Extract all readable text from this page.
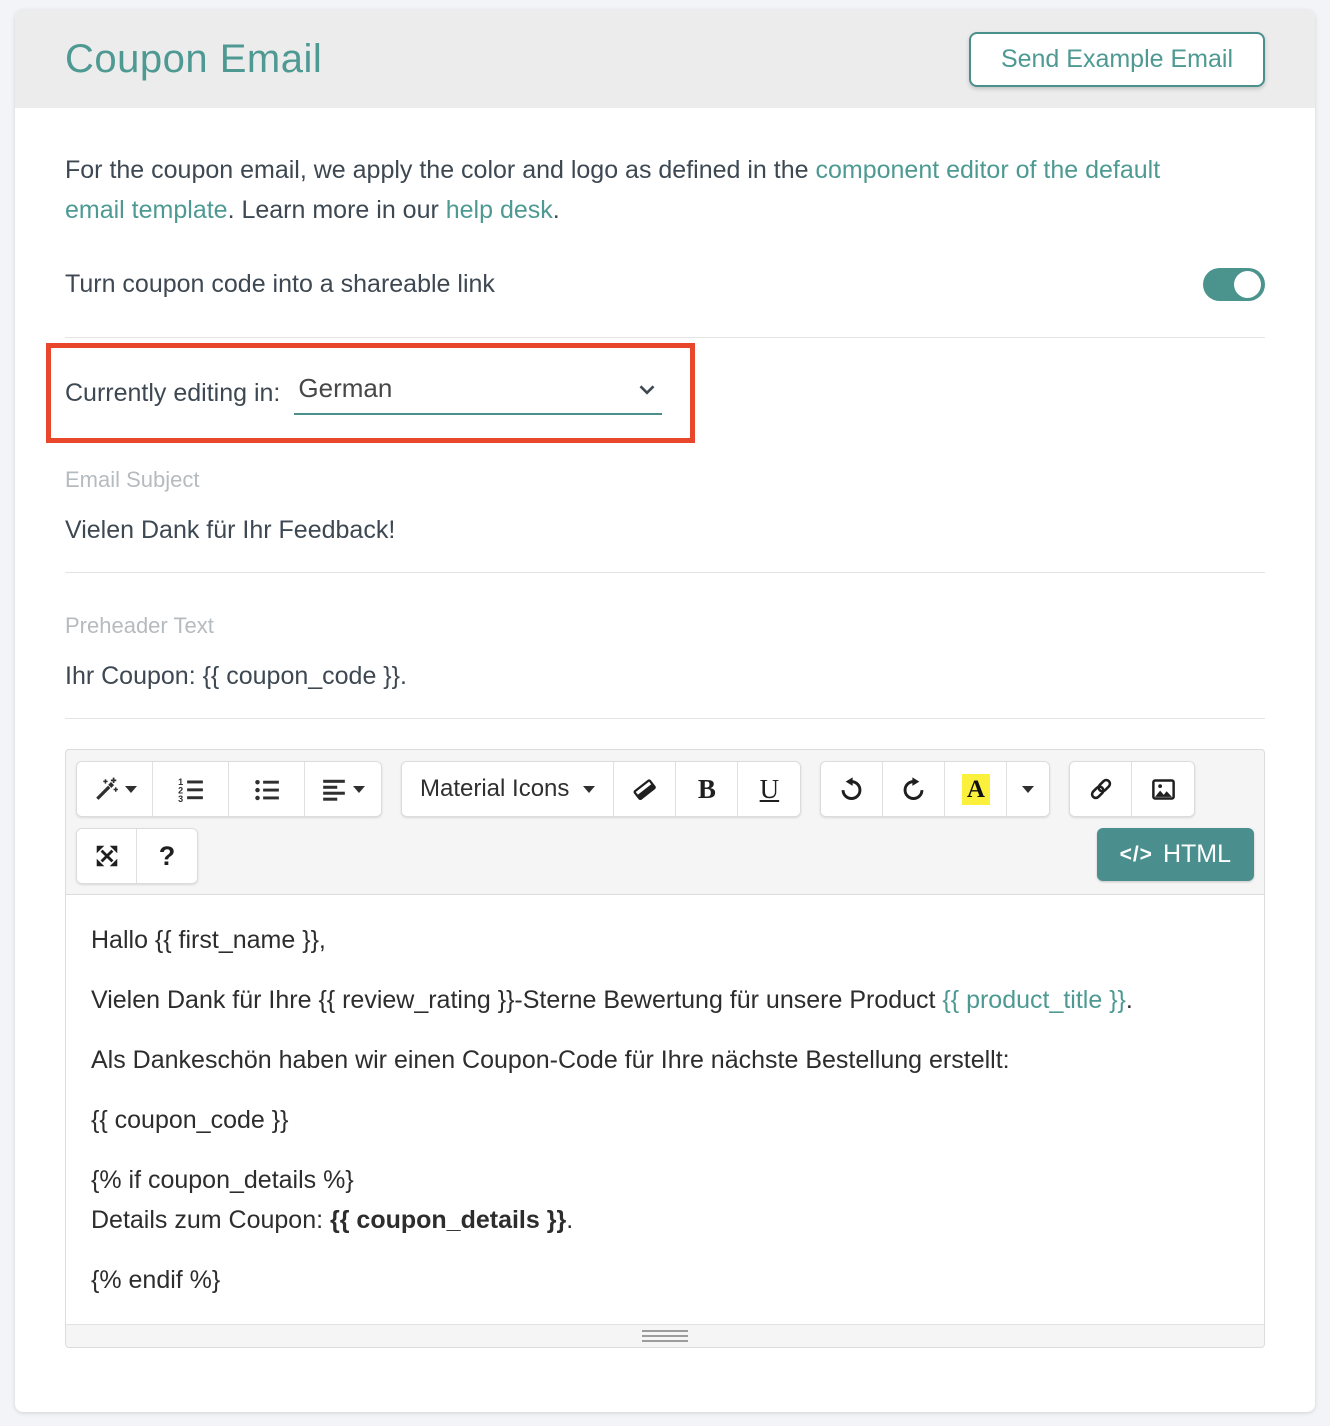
Coupon Email	Send Example Email
For the coupon email, we apply the color and logo as defined in the component editor of the default email template. Learn more in our help desk.
Turn coupon code into a shareable link
Currently editing in: German
Email Subject
Vielen Dank für Ihr Feedback!
Preheader Text
Ihr Coupon: {{ coupon_code }}.
1
2
3	Material Icons	B U	A
?	</> HTML

Hallo {{ first_name }},

Vielen Dank für Ihre {{ review_rating }}-Sterne Bewertung für unsere Product {{ product_title }}.

Als Dankeschön haben wir einen Coupon-Code für Ihre nächste Bestellung erstellt:

{{ coupon_code }}

{% if coupon_details %}

Details zum Coupon: {{ coupon_details }}.

{% endif %}
